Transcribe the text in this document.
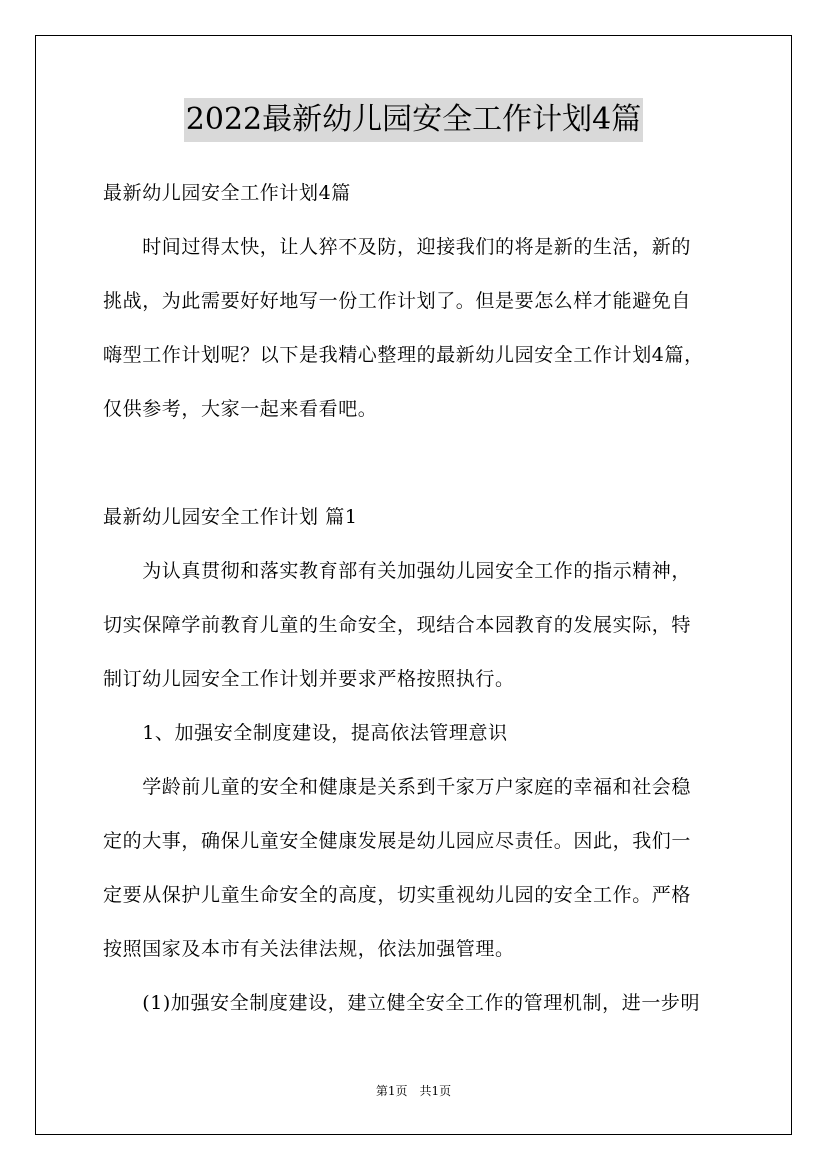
2022最新幼儿园安全工作计划4篇
最新幼儿园安全工作计划4篇
　　时间过得太快，让人猝不及防，迎接我们的将是新的生活，新的
挑战，为此需要好好地写一份工作计划了。但是要怎么样才能避免自
嗨型工作计划呢？以下是我精心整理的最新幼儿园安全工作计划4篇，
仅供参考，大家一起来看看吧。
最新幼儿园安全工作计划 篇1
　　为认真贯彻和落实教育部有关加强幼儿园安全工作的指示精神，
切实保障学前教育儿童的生命安全，现结合本园教育的发展实际，特
制订幼儿园安全工作计划并要求严格按照执行。
　　1、加强安全制度建设，提高依法管理意识
　　学龄前儿童的安全和健康是关系到千家万户家庭的幸福和社会稳
定的大事，确保儿童安全健康发展是幼儿园应尽责任。因此，我们一
定要从保护儿童生命安全的高度，切实重视幼儿园的安全工作。严格
按照国家及本市有关法律法规，依法加强管理。
　　(1)加强安全制度建设，建立健全安全工作的管理机制，进一步明
第1页　共1页
